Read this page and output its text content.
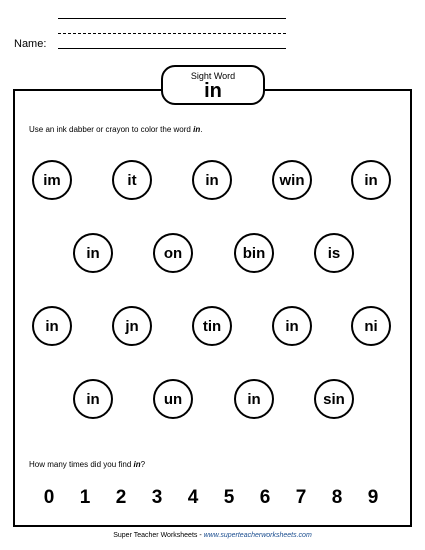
Name:
Sight Word
in
Use an ink dabber or crayon to color the word in.
im	it	in	win	in
in	on	bin	is
in	jn	tin	in	ni
in	un	in	sin
How many times did you find in?
0 1 2 3 4 5 6 7 8 9
Super Teacher Worksheets - www.superteacherworksheets.com
